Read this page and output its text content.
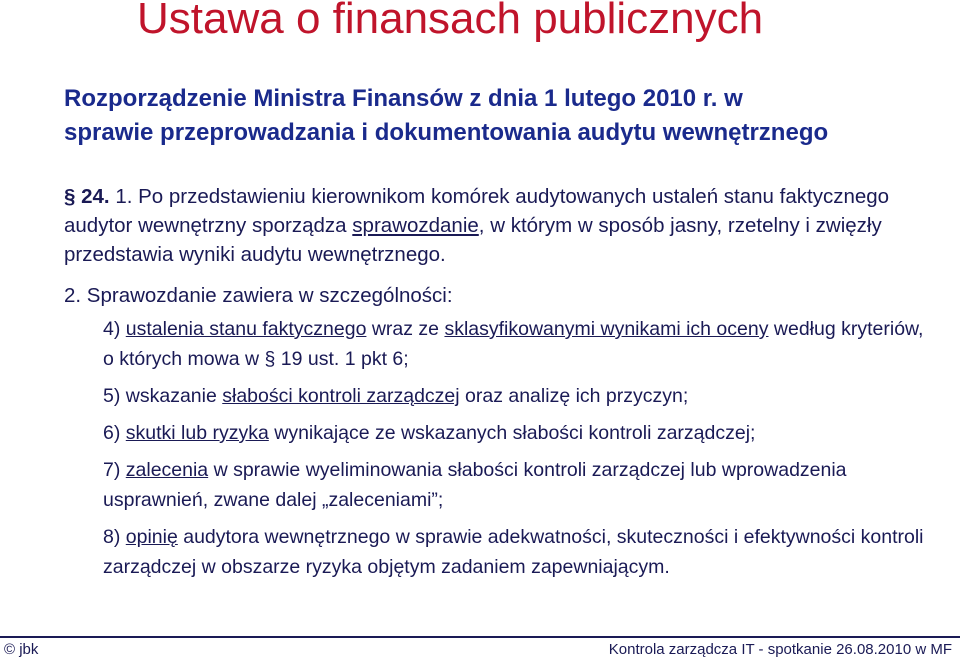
Ustawa o finansach publicznych
Rozporządzenie Ministra Finansów z dnia 1 lutego 2010 r. w
sprawie przeprowadzania i dokumentowania audytu wewnętrznego
§ 24. 1. Po przedstawieniu kierownikom komórek audytowanych ustaleń stanu faktycznego audytor wewnętrzny sporządza sprawozdanie, w którym w sposób jasny, rzetelny i zwięzły przedstawia wyniki audytu wewnętrznego.
2. Sprawozdanie zawiera w szczególności:
4) ustalenia stanu faktycznego wraz ze sklasyfikowanymi wynikami ich oceny według kryteriów, o których mowa w § 19 ust. 1 pkt 6;
5) wskazanie słabości kontroli zarządczej oraz analizę ich przyczyn;
6) skutki lub ryzyka wynikające ze wskazanych słabości kontroli zarządczej;
7) zalecenia w sprawie wyeliminowania słabości kontroli zarządczej lub wprowadzenia usprawnień, zwane dalej „zaleceniami”;
8) opinię audytora wewnętrznego w sprawie adekwatności, skuteczności i efektywności kontroli zarządczej w obszarze ryzyka objętym zadaniem zapewniającym.
© jbk	Kontrola zarządcza IT - spotkanie 26.08.2010 w MF
